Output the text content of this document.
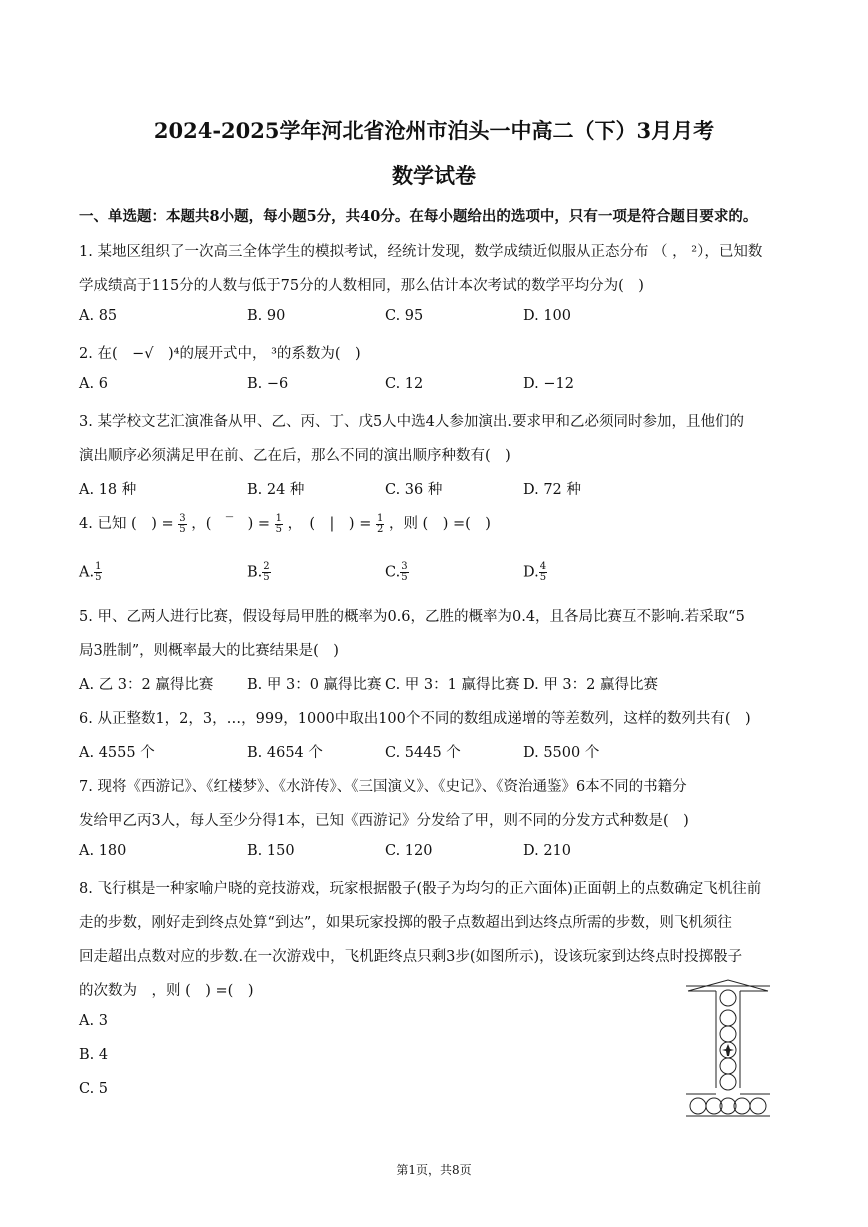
2024-2025学年河北省沧州市泊头一中高二（下）3月月考
数学试卷
一、单选题：本题共8小题，每小题5分，共40分。在每小题给出的选项中，只有一项是符合题目要求的。
1. 某地区组织了一次高三全体学生的模拟考试，经统计发现，数学成绩近似服从正态分布 （ ， ²），已知数
学成绩高于115分的人数与低于75分的人数相同，那么估计本次考试的数学平均分为(　)
A. 85	B. 90	C. 95	D. 100
2. 在(　−√　)⁴的展开式中， ³的系数为(　)
A. 6	B. −6	C. 12	D. −12
3. 某学校文艺汇演准备从甲、乙、丙、丁、戊5人中选4人参加演出.要求甲和乙必须同时参加，且他们的
演出顺序必须满足甲在前、乙在后，那么不同的演出顺序种数有(　)
A. 18 种	B. 24 种	C. 36 种	D. 72 种
4. 已知 (　) = $\frac{3}{5}$ ，(　‾　) = $\frac{1}{5}$ ，　(　|　) = $\frac{1}{2}$ ，则 (　) =(　)
A. $\frac{1}{5}$	B. $\frac{2}{5}$	C. $\frac{3}{5}$	D. $\frac{4}{5}$
5. 甲、乙两人进行比赛，假设每局甲胜的概率为0.6，乙胜的概率为0.4，且各局比赛互不影响.若采取“5
局3胜制”，则概率最大的比赛结果是(　)
A. 乙 3：2 赢得比赛 B. 甲 3：0 赢得比赛 C. 甲 3：1 赢得比赛 D. 甲 3：2 赢得比赛
6. 从正整数1，2，3，…，999，1000中取出100个不同的数组成递增的等差数列，这样的数列共有(　)
A. 4555 个	B. 4654 个	C. 5445 个	D. 5500 个
7. 现将《西游记》、《红楼梦》、《水浒传》、《三国演义》、《史记》、《资治通鉴》6本不同的书籍分
发给甲乙丙3人，每人至少分得1本，已知《西游记》分发给了甲，则不同的分发方式种数是(　)
A. 180	B. 150	C. 120	D. 210
8. 飞行棋是一种家喻户晓的竞技游戏，玩家根据骰子(骰子为均匀的正六面体)正面朝上的点数确定飞机往前
走的步数，刚好走到终点处算“到达”，如果玩家投掷的骰子点数超出到达终点所需的步数，则飞机须往
回走超出点数对应的步数.在一次游戏中，飞机距终点只剩3步(如图所示)，设该玩家到达终点时投掷骰子
的次数为　，则 (　) =(　)
A. 3
B. 4
C. 5
第1页，共8页
